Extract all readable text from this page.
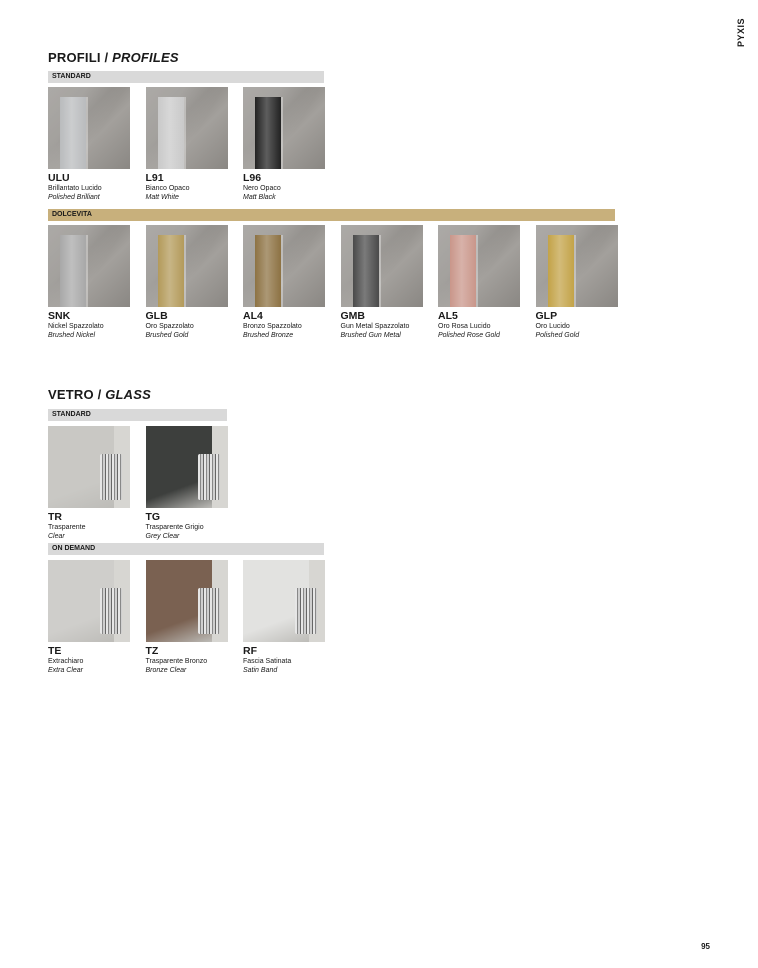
PYXIS
PROFILI / PROFILES
STANDARD
DOLCEVITA
VETRO / GLASS
STANDARD
ON DEMAND
95
ULU
Brillantato Lucido
Polished Brilliant
L91
Bianco Opaco
Matt White
L96
Nero Opaco
Matt Black
SNK
Nickel Spazzolato
Brushed Nickel
GLB
Oro Spazzolato
Brushed Gold
AL4
Bronzo Spazzolato
Brushed Bronze
GMB
Gun Metal Spazzolato
Brushed Gun Metal
AL5
Oro Rosa Lucido
Polished Rose Gold
GLP
Oro Lucido
Polished Gold
TR
Trasparente
Clear
TG
Trasparente Grigio
Grey Clear
TE
Extrachiaro
Extra Clear
TZ
Trasparente Bronzo
Bronze Clear
RF
Fascia Satinata
Satin Band
